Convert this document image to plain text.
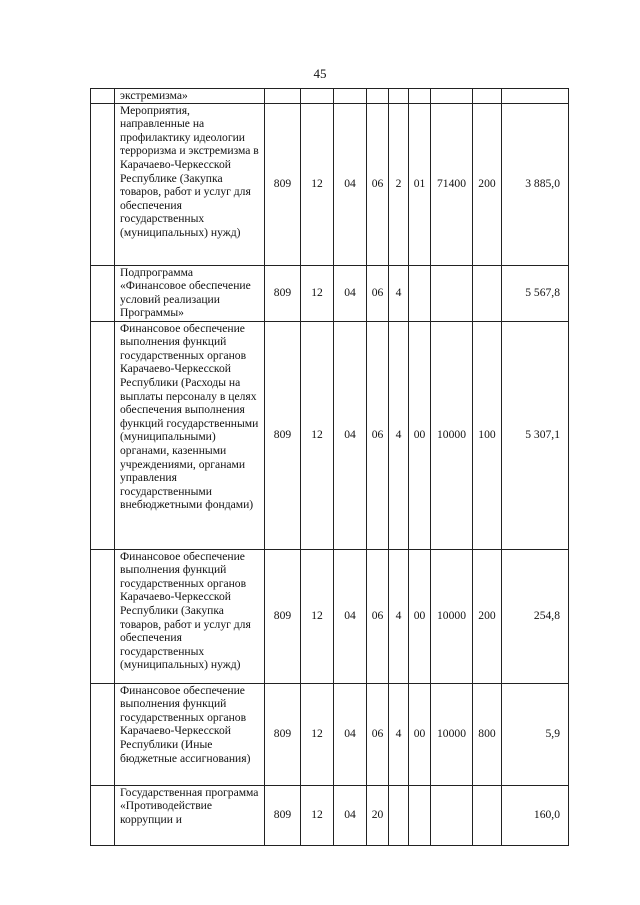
45
	экстремизма»									
	Мероприятия, направленные на профилактику идеологии терроризма и экстремизма в Карачаево-Черкесской Республике (Закупка товаров, работ и услуг для обеспечения государственных (муниципальных) нужд)	809	12	04	06	2	01	71400	200	3 885,0
	Подпрограмма «Финансовое обеспечение условий реализации Программы»	809	12	04	06	4				5 567,8
	Финансовое обеспечение выполнения функций государственных органов Карачаево-Черкесской Республики (Расходы на выплаты персоналу в целях обеспечения выполнения функций государственными (муниципальными) органами, казенными учреждениями, органами управления государственными внебюджетными фондами)	809	12	04	06	4	00	10000	100	5 307,1
	Финансовое обеспечение выполнения функций государственных органов Карачаево-Черкесской Республики (Закупка товаров, работ и услуг для обеспечения государственных (муниципальных) нужд)	809	12	04	06	4	00	10000	200	254,8
	Финансовое обеспечение выполнения функций государственных органов Карачаево-Черкесской Республики (Иные бюджетные ассигнования)	809	12	04	06	4	00	10000	800	5,9
	Государственная программа «Противодействие коррупции и	809	12	04	20					160,0
